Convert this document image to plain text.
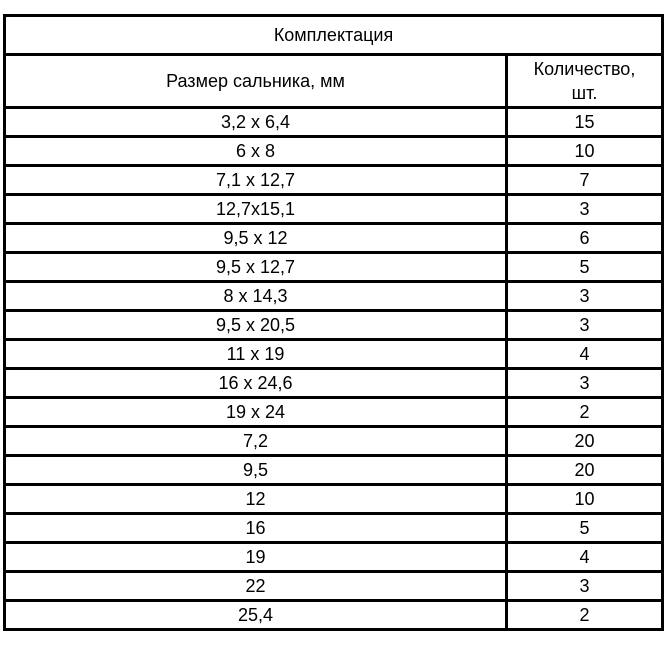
Комплектация	
Размер сальника, мм	Количество,
шт.
3,2 x 6,4	15
6 x 8	10
7,1 x 12,7	7
12,7x15,1	3
9,5 x 12	6
9,5 x 12,7	5
8 x 14,3	3
9,5 x 20,5	3
11 x 19	4
16 x 24,6	3
19 x 24	2
7,2	20
9,5	20
12	10
16	5
19	4
22	3
25,4	2
